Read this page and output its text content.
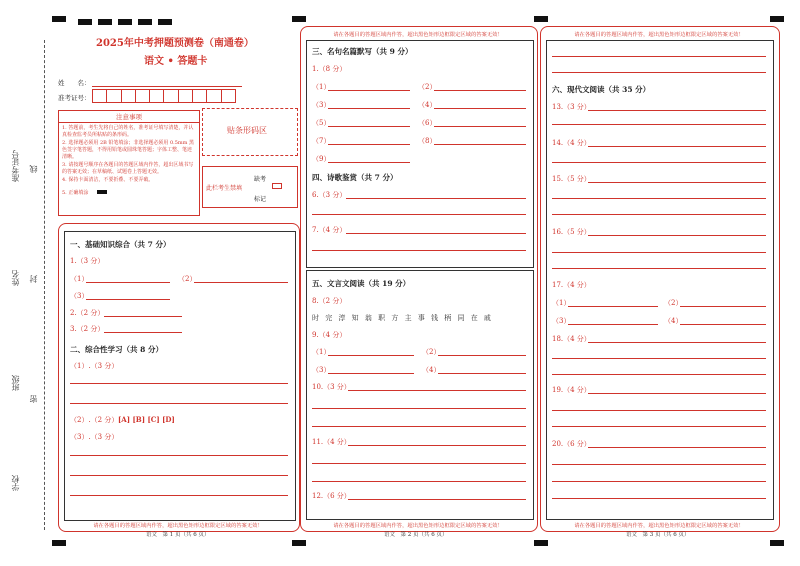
准考证号 线
姓名 封
班级
密
学校
2025年中考押题预测卷（南通卷）
语文 • 答题卡
姓　　名：
准考证号：
注意事项
1. 答题前，考生先将自己的姓名，准考证号填写清楚，并认真检查监考员所粘贴的条形码。
2. 选择题必须用 2B 铅笔填涂；非选择题必须用 0.5mm 黑色签字笔答题，不得用铅笔或圆珠笔答题；字体工整、笔迹清晰。
3. 请按题号顺序在各题目的答题区域内作答，超出区域书写的答案无效；在草稿纸、试题卷上答题无效。
4. 保持卡面清洁，不要折叠、不要弄破。
5. 正确填涂
贴条形码区
此栏考生禁填
缺考
标记
请在各题目的答题区域内作答，超出黑色矩形边框限定区域的答案无效！
一、基础知识综合（共 7 分）
1.（3 分）
（1）	（2）
（3）
2.（2 分）
3.（2 分）
二、综合性学习（共 8 分）
（1）.（3 分）
（2）.（2 分） [A] [B] [C] [D]
（3）.（3 分）
语文　第 1 页（共 6 页）
请在各题目的答题区域内作答，超出黑色矩形边框限定区域的答案无效！
请在各题目的答题区域内作答，超出黑色矩形边框限定区域的答案无效！
三、名句名篇默写（共 9 分）
1.（8 分）
（1）	（2）
（3）	（4）
（5）	（6）
（7）	（8）
（9）
四、诗歌鉴赏（共 7 分）
6.（3 分）
7.（4 分）
五、文言文阅读（共 19 分）
8.（2 分）
时 完 淳 知 翁 职 方 主 事 钱 柄 同 在 戚
9.（4 分）
（1）	（2）
（3）	（4）
10.（3 分）
11.（4 分）
12.（6 分）
语文　第 2 页（共 6 页）
请在各题目的答题区域内作答，超出黑色矩形边框限定区域的答案无效！
请在各题目的答题区域内作答，超出黑色矩形边框限定区域的答案无效！
六、现代文阅读（共 35 分）
13.（3 分）
14.（4 分）
15.（5 分）
16.（5 分）
17.（4 分）
（1）	（2）
（3）	（4）
18.（4 分）
19.（4 分）
20.（6 分）
语文　第 3 页（共 6 页）
